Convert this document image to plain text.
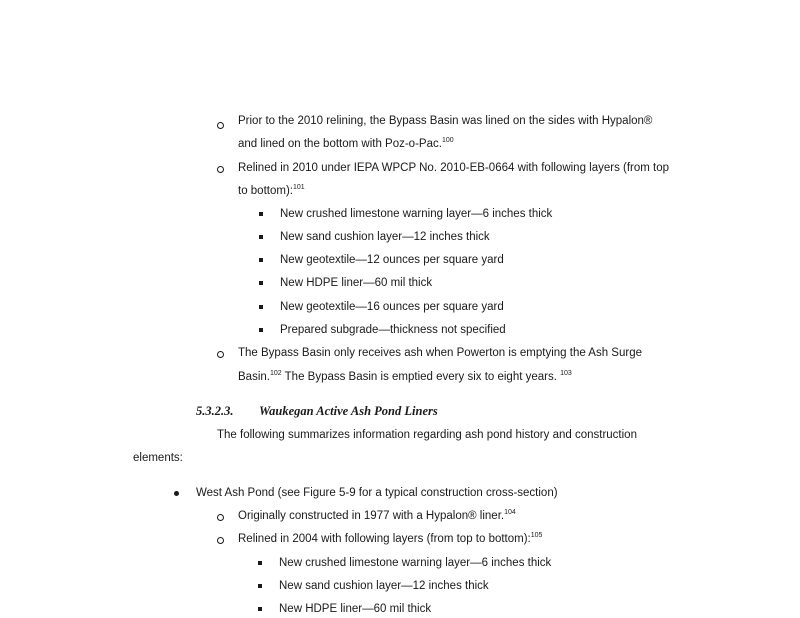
Prior to the 2010 relining, the Bypass Basin was lined on the sides with Hypalon®
and lined on the bottom with Poz-o-Pac.$^{100}$
Relined in 2010 under IEPA WPCP No. 2010-EB-0664 with following layers (from top
to bottom):$^{101}$
New crushed limestone warning layer—6 inches thick
New sand cushion layer—12 inches thick
New geotextile—12 ounces per square yard
New HDPE liner—60 mil thick
New geotextile—16 ounces per square yard
Prepared subgrade—thickness not specified
The Bypass Basin only receives ash when Powerton is emptying the Ash Surge
Basin.$^{102}$ The Bypass Basin is emptied every six to eight years. $^{103}$
5.3.2.3. Waukegan Active Ash Pond Liners
The following summarizes information regarding ash pond history and construction
elements:
West Ash Pond (see Figure 5-9 for a typical construction cross-section)
Originally constructed in 1977 with a Hypalon® liner.$^{104}$
Relined in 2004 with following layers (from top to bottom):$^{105}$
New crushed limestone warning layer—6 inches thick
New sand cushion layer—12 inches thick
New HDPE liner—60 mil thick
